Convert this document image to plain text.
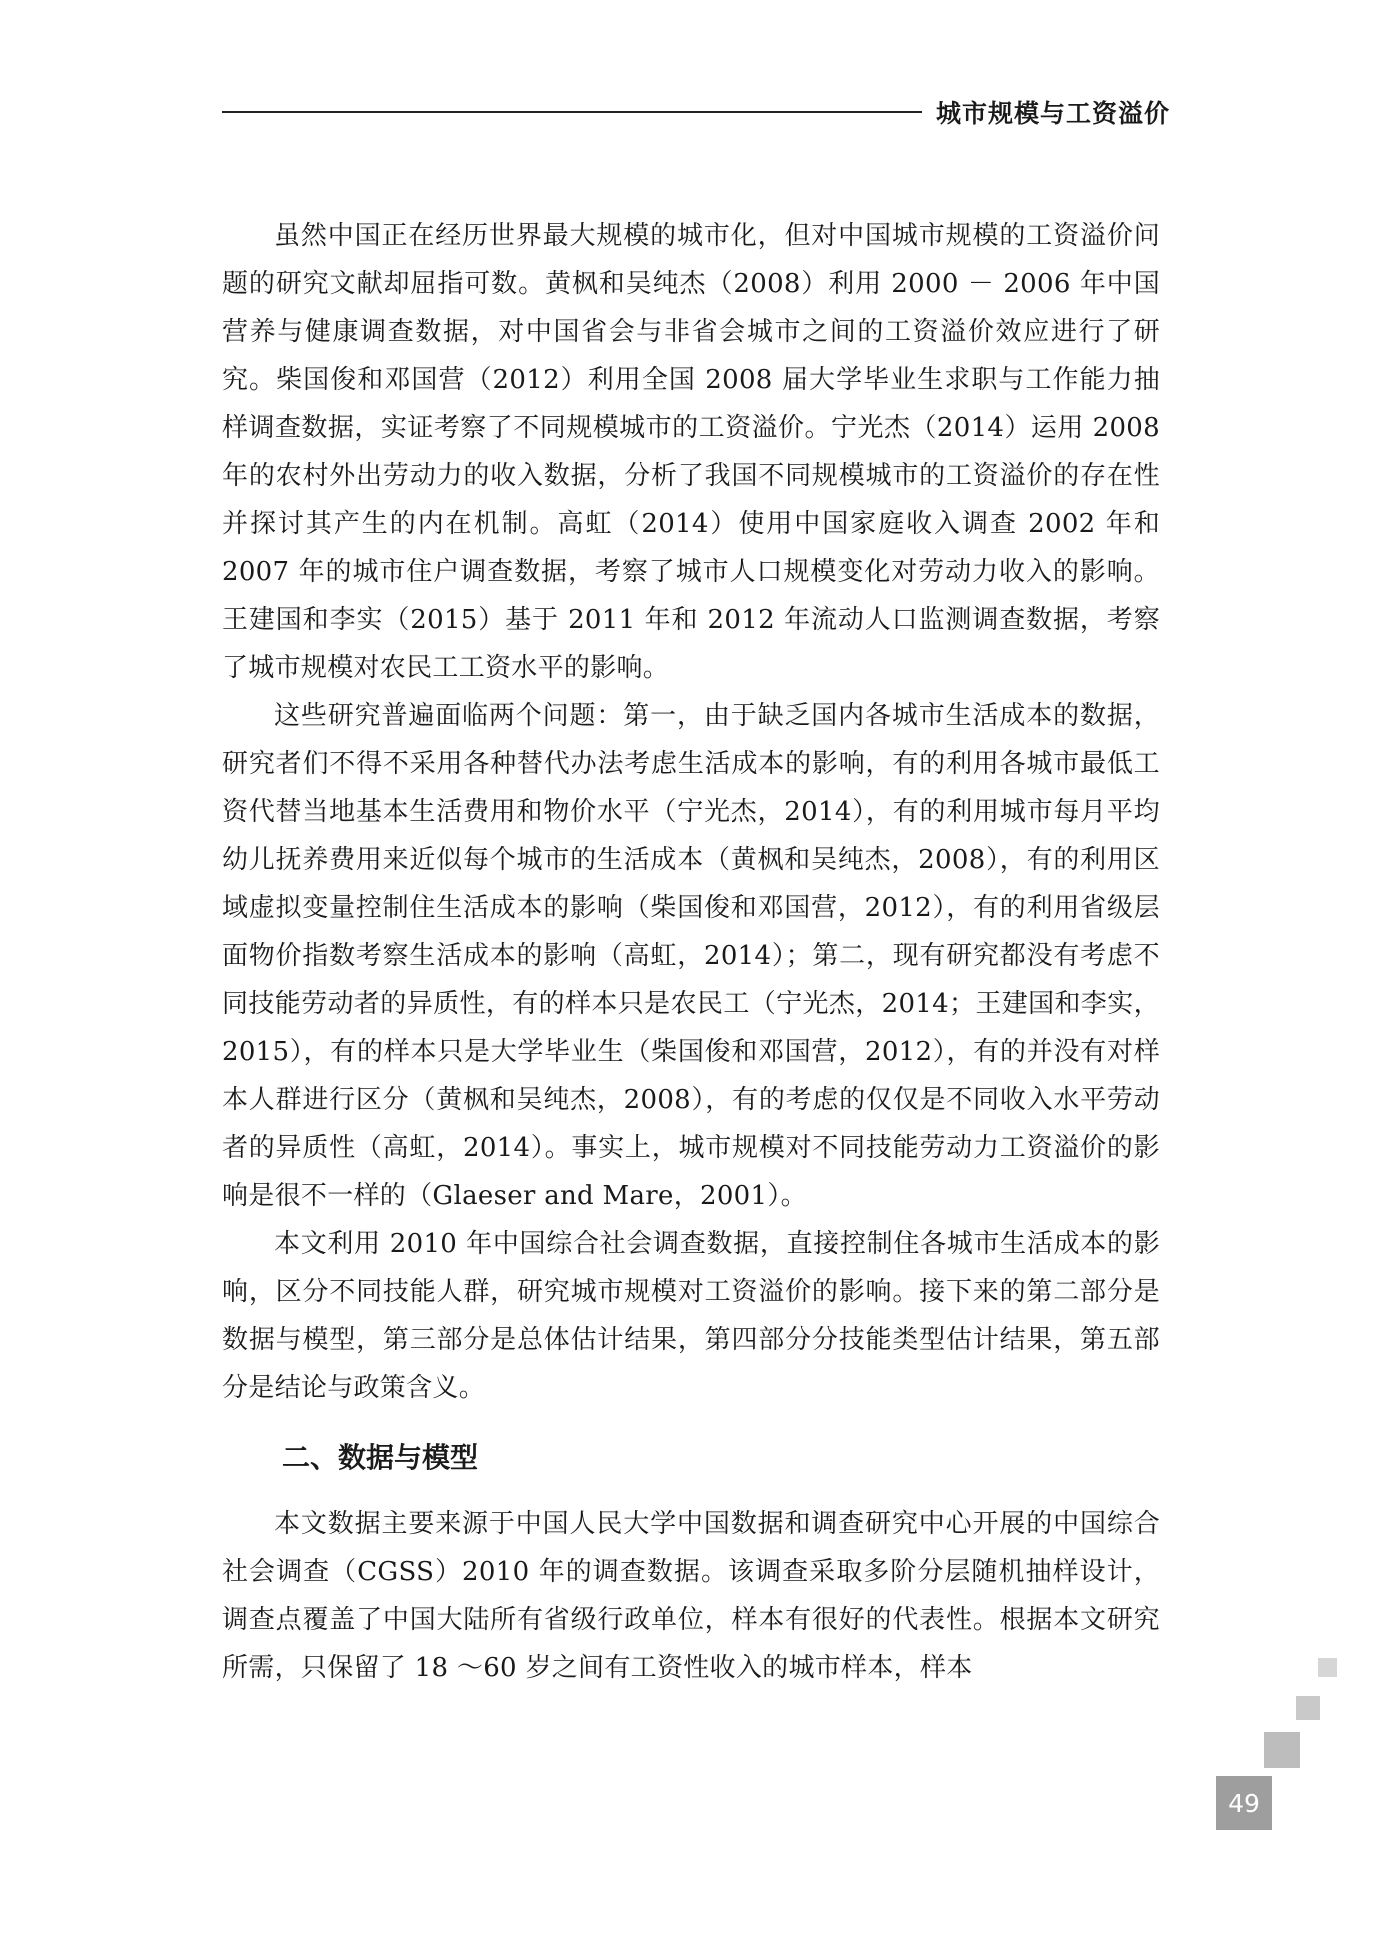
城市规模与工资溢价

虽然中国正在经历世界最大规模的城市化，但对中国城市规模的工资溢价问题的研究文献却屈指可数。黄枫和吴纯杰（2008）利用 2000 － 2006 年中国营养与健康调查数据，对中国省会与非省会城市之间的工资溢价效应进行了研究。柴国俊和邓国营（2012）利用全国 2008 届大学毕业生求职与工作能力抽样调查数据，实证考察了不同规模城市的工资溢价。宁光杰（2014）运用 2008 年的农村外出劳动力的收入数据，分析了我国不同规模城市的工资溢价的存在性并探讨其产生的内在机制。高虹（2014）使用中国家庭收入调查 2002 年和 2007 年的城市住户调查数据，考察了城市人口规模变化对劳动力收入的影响。王建国和李实（2015）基于 2011 年和 2012 年流动人口监测调查数据，考察了城市规模对农民工工资水平的影响。

这些研究普遍面临两个问题：第一，由于缺乏国内各城市生活成本的数据，研究者们不得不采用各种替代办法考虑生活成本的影响，有的利用各城市最低工资代替当地基本生活费用和物价水平（宁光杰，2014），有的利用城市每月平均幼儿抚养费用来近似每个城市的生活成本（黄枫和吴纯杰，2008），有的利用区域虚拟变量控制住生活成本的影响（柴国俊和邓国营，2012），有的利用省级层面物价指数考察生活成本的影响（高虹，2014）；第二，现有研究都没有考虑不同技能劳动者的异质性，有的样本只是农民工（宁光杰，2014；王建国和李实，2015），有的样本只是大学毕业生（柴国俊和邓国营，2012），有的并没有对样本人群进行区分（黄枫和吴纯杰，2008），有的考虑的仅仅是不同收入水平劳动者的异质性（高虹，2014）。事实上，城市规模对不同技能劳动力工资溢价的影响是很不一样的（Glaeser and Mare，2001）。

本文利用 2010 年中国综合社会调查数据，直接控制住各城市生活成本的影响，区分不同技能人群，研究城市规模对工资溢价的影响。接下来的第二部分是数据与模型，第三部分是总体估计结果，第四部分分技能类型估计结果，第五部分是结论与政策含义。

二、数据与模型

本文数据主要来源于中国人民大学中国数据和调查研究中心开展的中国综合社会调查（CGSS）2010 年的调查数据。该调查采取多阶分层随机抽样设计，调查点覆盖了中国大陆所有省级行政单位，样本有很好的代表性。根据本文研究所需，只保留了 18 ～60 岁之间有工资性收入的城市样本，样本

49
